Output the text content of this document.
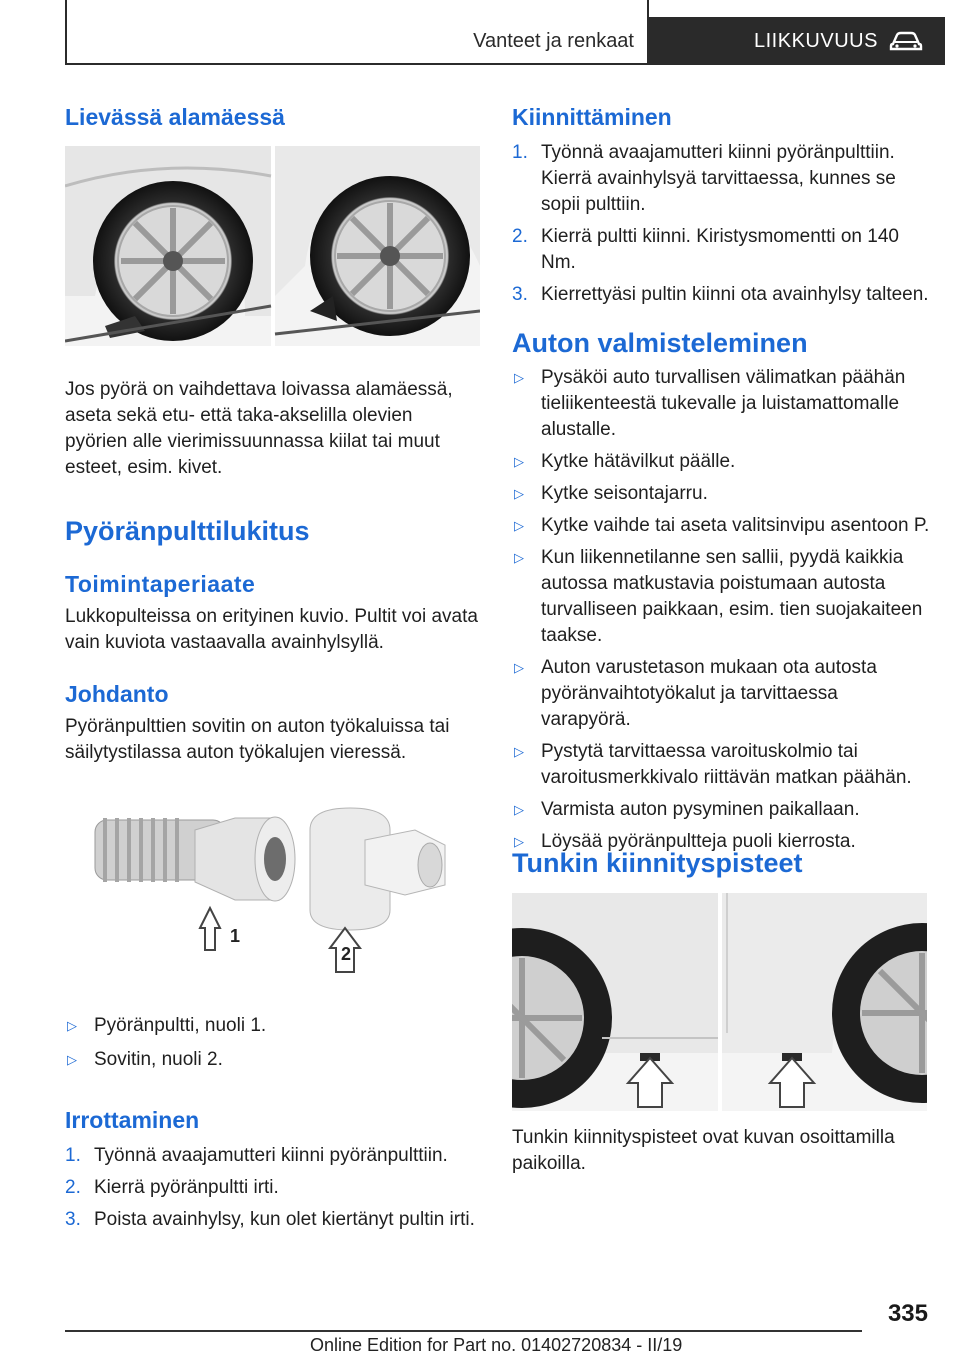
Vanteet ja renkaat	LIIKKUVUUS
Lievässä alamäessä

Jos pyörä on vaihdettava loivassa alamäessä, aseta sekä etu- että taka-akselilla olevien pyörien alle vierimissuunnassa kiilat tai muut esteet, esim. kivet.

Pyöränpulttilukitus
Toimintaperiaate

Lukkopulteissa on erityinen kuvio. Pultit voi avata vain kuviota vastaavalla avainhylsyllä.

Johdanto

Pyöränpulttien sovitin on auton työkaluissa tai säilytystilassa auton työkalujen vieressä.

1
2
▷ Pyöränpultti, nuoli 1.
▷ Sovitin, nuoli 2.
Irrottaminen
1. Työnnä avaajamutteri kiinni pyöränpulttiin.
2. Kierrä pyöränpultti irti.
3. Poista avainhylsy, kun olet kiertänyt pultin irti.
Kiinnittäminen
1. Työnnä avaajamutteri kiinni pyöränpulttiin. Kierrä avainhylsyä tarvittaessa, kunnes se sopii pulttiin.
2. Kierrä pultti kiinni. Kiristysmomentti on 140 Nm.
3. Kierrettyäsi pultin kiinni ota avainhylsy talteen.
Auton valmisteleminen
▷ Pysäköi auto turvallisen välimatkan päähän tieliikenteestä tukevalle ja luistamattomalle alustalle.
▷ Kytke hätävilkut päälle.
▷ Kytke seisontajarru.
▷ Kytke vaihde tai aseta valitsinvipu asentoon P.
▷ Kun liikennetilanne sen sallii, pyydä kaikkia autossa matkustavia poistumaan autosta turvalliseen paikkaan, esim. tien suojakaiteen taakse.
▷ Auton varustetason mukaan ota autosta pyöränvaihtotyökalut ja tarvittaessa varapyörä.
▷ Pystytä tarvittaessa varoituskolmio tai varoitusmerkkivalo riittävän matkan päähän.
▷ Varmista auton pysyminen paikallaan.
▷ Löysää pyöränpultteja puoli kierrosta.
Tunkin kiinnityspisteet

Tunkin kiinnityspisteet ovat kuvan osoittamilla paikoilla.

335
Online Edition for Part no. 01402720834 - II/19
